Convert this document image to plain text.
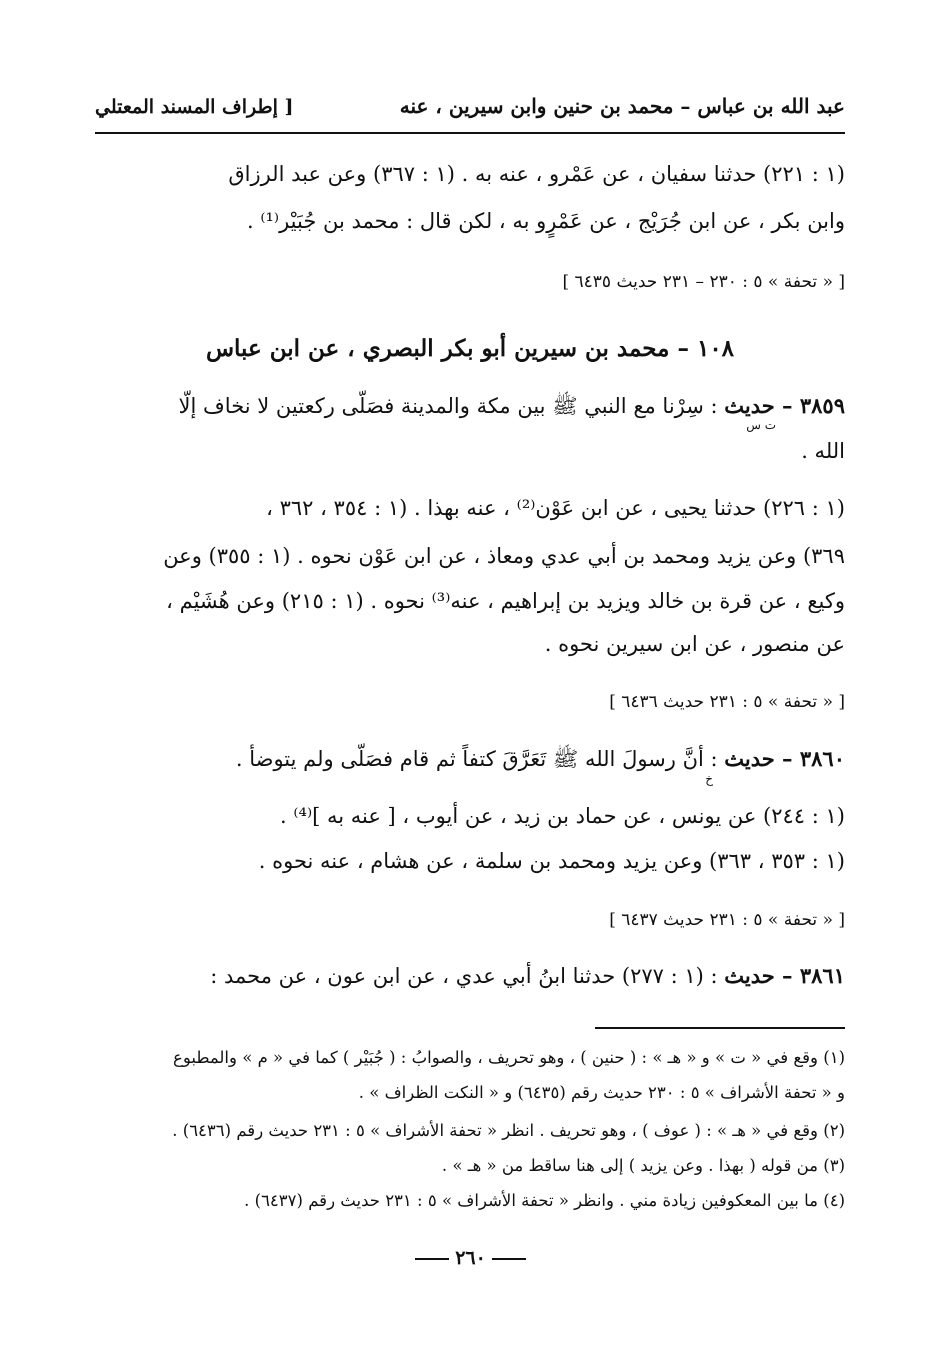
عبد الله بن عباس – محمد بن حنين وابن سيرين ، عنه
[ إطراف المسند المعتلي
(١ : ٢٢١) حدثنا سفيان ، عن عَمْرو ، عنه به . (١ : ٣٦٧) وعن عبد الرزاق
وابن بكر ، عن ابن جُرَيْج ، عن عَمْرٍو به ، لكن قال : محمد بن جُبَيْر⁽¹⁾ .
[ « تحفة » ٥ : ٢٣٠ – ٢٣١ حديث ٦٤٣٥ ]
١٠٨ – محمد بن سيرين أبو بكر البصري ، عن ابن عباس
٣٨٥٩ – حديث : سِرْنا مع النبي ﷺ بين مكة والمدينة فصَلّى ركعتين لا نخاف إلّا
ت س
الله .
(١ : ٢٢٦) حدثنا يحيى ، عن ابن عَوْن⁽²⁾ ، عنه بهذا . (١ : ٣٥٤ ، ٣٦٢ ،
٣٦٩) وعن يزيد ومحمد بن أبي عدي ومعاذ ، عن ابن عَوْن نحوه . (١ : ٣٥٥) وعن
وكيع ، عن قرة بن خالد ويزيد بن إبراهيم ، عنه⁽³⁾ نحوه . (١ : ٢١٥) وعن هُشَيْم ،
عن منصور ، عن ابن سيرين نحوه .
[ « تحفة » ٥ : ٢٣١ حديث ٦٤٣٦ ]
٣٨٦٠ – حديث : أنَّ رسولَ الله ﷺ تَعَرَّقَ كتفاً ثم قام فصَلّى ولم يتوضأ .
خ
(١ : ٢٤٤) عن يونس ، عن حماد بن زيد ، عن أيوب ، [ عنه به ]⁽⁴⁾ .
(١ : ٣٥٣ ، ٣٦٣) وعن يزيد ومحمد بن سلمة ، عن هشام ، عنه نحوه .
[ « تحفة » ٥ : ٢٣١ حديث ٦٤٣٧ ]
٣٨٦١ – حديث : (١ : ٢٧٧) حدثنا ابنُ أبي عدي ، عن ابن عون ، عن محمد :
(١) وقع في « ت » و « هـ » : ( حنين ) ، وهو تحريف ، والصوابُ : ( جُبَيْر ) كما في « م » والمطبوع
و « تحفة الأشراف » ٥ : ٢٣٠ حديث رقم (٦٤٣٥) و « النكت الظراف » .
(٢) وقع في « هـ » : ( عوف ) ، وهو تحريف . انظر « تحفة الأشراف » ٥ : ٢٣١ حديث رقم (٦٤٣٦) .
(٣) من قوله ( بهذا . وعن يزيد ) إلى هنا ساقط من « هـ » .
(٤) ما بين المعكوفين زيادة مني . وانظر « تحفة الأشراف » ٥ : ٢٣١ حديث رقم (٦٤٣٧) .
٢٦٠
